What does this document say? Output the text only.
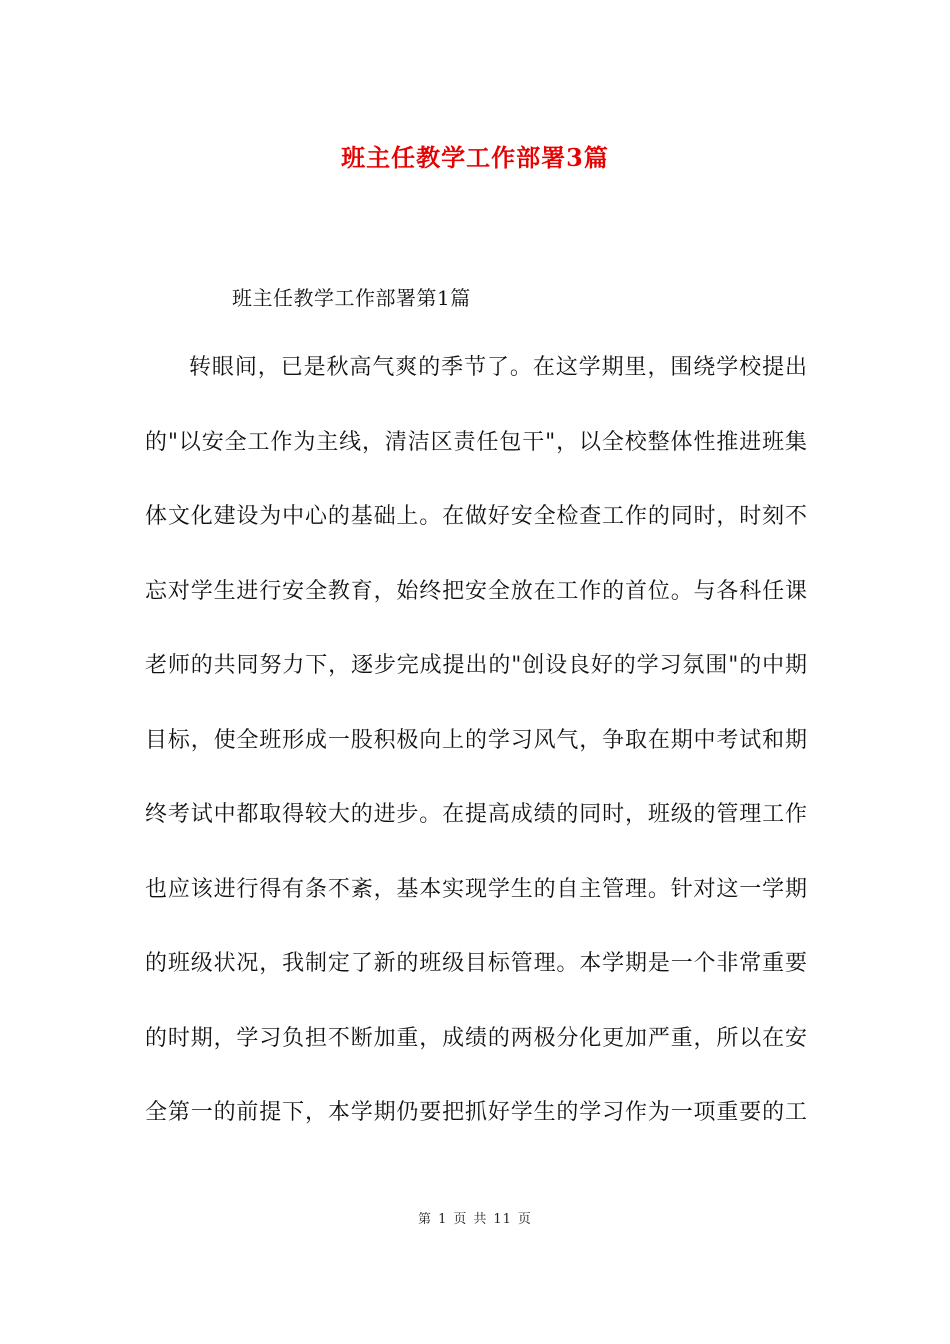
班主任教学工作部署3篇

班主任教学工作部署第1篇

转眼间，已是秋高气爽的季节了。在这学期里，围绕学校提出
的"以安全工作为主线，清洁区责任包干"，以全校整体性推进班集
体文化建设为中心的基础上。在做好安全检查工作的同时，时刻不
忘对学生进行安全教育，始终把安全放在工作的首位。与各科任课
老师的共同努力下，逐步完成提出的"创设良好的学习氛围"的中期
目标，使全班形成一股积极向上的学习风气，争取在期中考试和期
终考试中都取得较大的进步。在提高成绩的同时，班级的管理工作
也应该进行得有条不紊，基本实现学生的自主管理。针对这一学期
的班级状况，我制定了新的班级目标管理。本学期是一个非常重要
的时期，学习负担不断加重，成绩的两极分化更加严重，所以在安
全第一的前提下，本学期仍要把抓好学生的学习作为一项重要的工
第 1 页 共 11 页
